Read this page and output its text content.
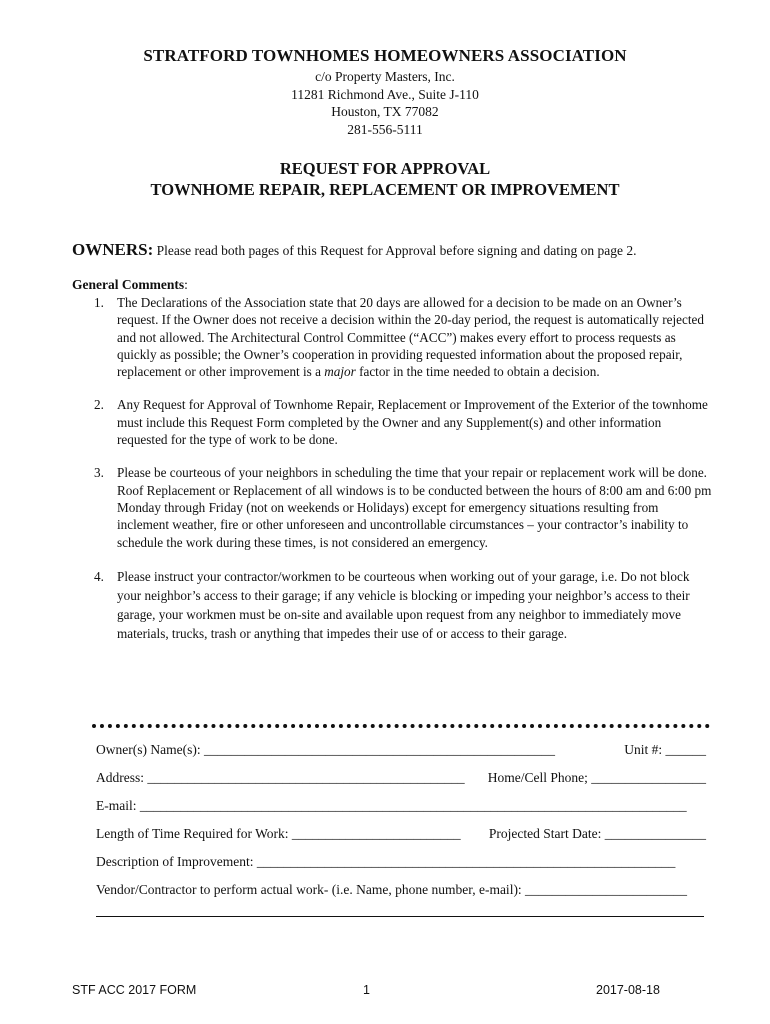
STRATFORD TOWNHOMES HOMEOWNERS ASSOCIATION
c/o Property Masters, Inc.
11281 Richmond Ave., Suite J-110
Houston, TX 77082
281-556-5111
REQUEST FOR APPROVAL
TOWNHOME REPAIR, REPLACEMENT OR IMPROVEMENT
OWNERS: Please read both pages of this Request for Approval before signing and dating on page 2.
General Comments:
1. The Declarations of the Association state that 20 days are allowed for a decision to be made on an Owner’s request. If the Owner does not receive a decision within the 20-day period, the request is automatically rejected and not allowed. The Architectural Control Committee (“ACC”) makes every effort to process requests as quickly as possible; the Owner’s cooperation in providing requested information about the proposed repair, replacement or other improvement is a major factor in the time needed to obtain a decision.
2. Any Request for Approval of Townhome Repair, Replacement or Improvement of the Exterior of the townhome must include this Request Form completed by the Owner and any Supplement(s) and other information requested for the type of work to be done.
3. Please be courteous of your neighbors in scheduling the time that your repair or replacement work will be done. Roof Replacement or Replacement of all windows is to be conducted between the hours of 8:00 am and 6:00 pm Monday through Friday (not on weekends or Holidays) except for emergency situations resulting from inclement weather, fire or other unforeseen and uncontrollable circumstances – your contractor’s inability to schedule the work during these times, is not considered an emergency.
4. Please instruct your contractor/workmen to be courteous when working out of your garage, i.e. Do not block your neighbor’s access to their garage; if any vehicle is blocking or impeding your neighbor’s access to their garage, your workmen must be on-site and available upon request from any neighbor to immediately move materials, trucks, trash or anything that impedes their use of or access to their garage.
Owner(s) Name(s): ____________________________________________________	Unit #: ______
Address: _______________________________________________ Home/Cell Phone; _________________
E-mail: _________________________________________________________________________________
Length of Time Required for Work: _________________________ Projected Start Date: _______________
Description of Improvement: ______________________________________________________________
Vendor/Contractor to perform actual work- (i.e. Name, phone number, e-mail): ________________________
STF ACC 2017 FORM	1	2017-08-18
